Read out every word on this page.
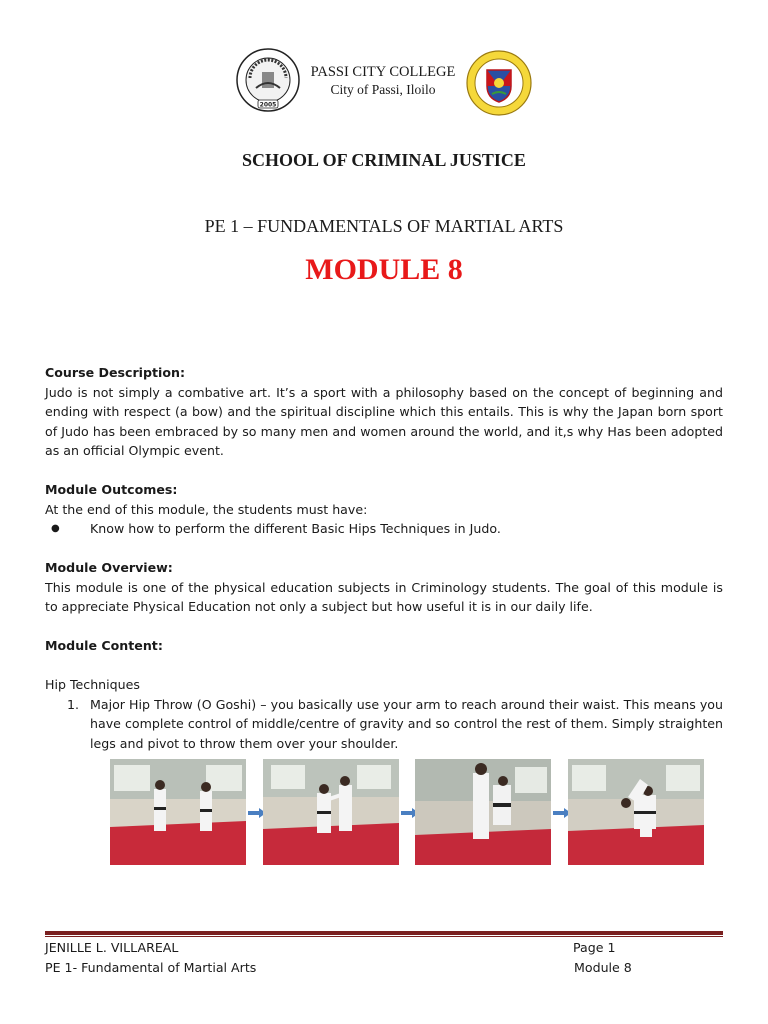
2005
PASSI CITY COLLEGE
City of Passi, Iloilo
SCHOOL OF CRIMINAL JUSTICE
PE 1 – FUNDAMENTALS OF MARTIAL ARTS
MODULE 8

Course Description:

Judo is not simply a combative art. It’s a sport with a philosophy based on the concept of beginning and ending with respect (a bow) and the spiritual discipline which this entails. This is why the Japan born sport of Judo has been embraced by so many men and women around the world, and it,s why Has been adopted as an official Olympic event.

Module Outcomes:

At the end of this module, the students must have:

●	Know how to perform the different Basic Hips Techniques in Judo.

Module Overview:

This module is one of the physical education subjects in Criminology students. The goal of this module is to appreciate Physical Education not only a subject but how useful it is in our daily life.

Module Content:

Hip Techniques

1. Major Hip Throw (O Goshi) – you basically use your arm to reach around their waist. This means you have complete control of middle/centre of gravity and so control the rest of them. Simply straighten legs and pivot to throw them over your shoulder.
JENILLE L. VILLAREAL	Page 1
PE 1- Fundamental of Martial Arts	Module 8
